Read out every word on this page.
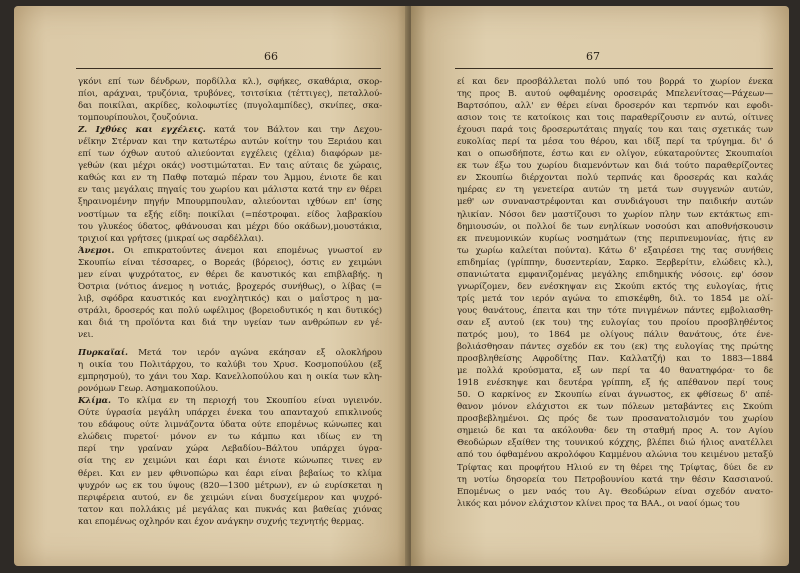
66
γκόνι επί των δένδρων, πορδίλλα κλ.), σφήκες, σκαθάρια, σκορ-
πίοι, αράχναι, τρυζόνια, τρυβόνες, τσιτσίκια (τέττιγες), πεταλλού-
δαι ποικίλαι, ακρίδες, κολοφωτίες (πυγολαμπίδες), σκνίπες, σκα-
τομπουρίπουλοι, ζουζούνια.
Ζ. Ιχθύες και εγχέλεις. κατά τον Βάλτον και την Δεχου-
νέϊκην Στέρναν και την κατωτέρω αυτών κοίτην του Ξεριάου και
επί των όχθων αυτού αλιεύονται εγχέλεις (χέλια) διαφόρων με-
γεθών (και μέχρι οκάς) νοστιμώταται. Εν ταις αύταις δε χώραις,
καθώς και εν τη Παθφ ποταμώ πέραν του Άμμου, ένιοτε δε και
εν ταις μεγάλαις πηγαίς του χωρίου και μάλιστα κατά την εν θέρει
ξηραινομένην πηγήν Μπουρμπουλαν, αλιεύονται ιχθύων επ' ίσης
νοστίμων τα εξής είδη: ποικίλαι (=πέστροφαι. είδος λαβρακίου
του γλυκέος ύδατος, φθάνουσαι και μέχρι δύο οκάδων),μουστάκια,
τριχιοί και γρήτσες (μικραί ως σαρδέλλαι).
Άνεμοι. Οι επικρατούντες άνεμοι και επομένως γνωστοί εν
Σκουπίω είναι τέσσαρες, ο Βορεάς (βόρειος), όστις εν χειμώνι
μεν είναι ψυχρότατος, εν θέρει δε καυστικός και επιβλαβής. η
Όστρια (νότιος άνεμος η νοτιάς, βροχερός συνήθως), ο λίβας (=
λιβ, σφόδρα καυστικός και ενοχλητικός) και ο μαΐστρος η μα-
στράλι, δροσερός και πολύ ωφέλιμος (βορειοδυτικός η και δυτικός)
και διά τη προϊόντα και διά την υγείαν των ανθρώπων εν γέ-
νει.
Πυρκαϊαί. Μετά τον ιερόν αγώνα εκάησαν εξ ολοκλήρου
η οικία του Πολιτάρχου, το καλύβι του Χρυσ. Κοσμοπούλου (εξ
εμπρησμού), το χάνι του Χαρ. Κανελλοπούλου και η οικία των κλη-
ρονόμων Γεωρ. Ασημακοπούλου.
Κλίμα. Το κλίμα εν τη περιοχή του Σκουπίου είναι υγιεινόν.
Ούτε ύγρασία μεγάλη υπάρχει ένεκα του απανταχού επικλινούς
του εδάφους ούτε λιμνάζοντα ύδατα ούτε επομένως κώνωπες και
ελώδεις πυρετοί· μόνον εν τω κάμπω και ιδίως εν τη
περί την γραίναν χώρα Λεβαδίου–Βάλτου υπάρχει ύγρα-
σία της εν χειμώνι και έαρι και ένιοτε κώνωπες τινες εν
θέρει. Και εν μεν φθινοπώρω και έαρι είναι βεβαίως το κλίμα
ψυχρόν ως εκ του ύψους (820—1300 μέτρων), εν ώ ευρίσκεται η
περιφέρεια αυτού, εν δε χειμώνι είναι δυσχείμερον και ψυχρό-
τατον και πολλάκις μέ μεγάλας και πυκνάς και βαθείας χιόνας
και επομένως οχληρόν και έχον ανάγκην συχνής τεχνητής θερμας.
67
εί και δεν προσβάλλεται πολύ υπό του βορρά το χωρίον ένεκα
της προς Β. αυτού οφθαμένης οροσειράς Μπελενίτσας—Ράχεων—
Βαρτσόπου, αλλ' εν θέρει είναι δροσερόν και τερπνόν και εφοδι-
ασιον τοις τε κατοίκοις και τοις παραθερίζουσιν εν αυτώ, οίτινες
έχουσι παρά τοις δροσερωτάταις πηγαίς του και ταις σχετικάς των
ευκολίας περί τα μέσα του θέρου, και ιδίξ περί τα τρύγημα. δι' ό
και ο οπωσδήποτε, έστω και εν ολίγον, εύκαταρούντες Σκουπιαίοι
εκ των έξω του χωρίου διαμενόντων και διά τούτο παραθερίζοντες
εν Σκουπίω διέρχονται πολύ τερπνάς και δροσεράς και καλάς
ημέρας εν τη γενετείρα αυτών τη μετά των συγγενών αυτών,
μεθ' ων συναναστρέφονται και συνδιάγουσι την παιδικήν αυτών
ηλικίαν. Νόσοι δεν μαστίζουσι το χωρίον πλην των εκτάκτως επι-
δημιουσών, οι πολλοί δε των ενηλίκων νοσούσι και αποθνήσκουσιν
εκ πνευμονικών κυρίως νοσημάτων (της περιπνευμονίας, ήτις εν
τω χωρίω καλείται πούντα). Κάτω δ' εξαιρέσει της τας συνήθεις
επιδημίας (γρίππην, δυσεντερίαν, Σαρκο. Ξερβερίτιν, ελώδεις κλ.),
σπανιώτατα εμφανιζομένας μεγάλης επιδημικής νόσοις. εφ' όσον
γνωρίζομεν, δεν ενέσκηψαν εις Σκούπι εκτός της ευλογίας, ήτις
τρίς μετά τον ιερόν αγώνα το επισκέφθη, διλ. το 1854 με ολί-
γους θανάτους, έπειτα και την τότε πνιγμένων πάντες εμβολιασθη-
σαν εξ αυτού (εκ του) της ευλογίας του προίου προσβληθέντος
πατρός μου), το 1864 με ολίγους πάλιν θανάτους, ότε ένε-
βολιάσθησαν πάντες σχεδόν εκ του (εκ) της ευλογίας της πρώτης
προσβληθείσης Αφροδίτης Παν. Καλλατζή) και το 1883—1884
με πολλά κρούσματα, εξ ων περί τα 40 θανατηφόρα· το δε
1918 ενέσκηψε και δευτέρα γρίππη, εξ ής απέθανον περί τους
50. Ο καρκίνος εν Σκουπίω είναι άγνωστος, εκ φθίσεως δ' απέ-
θανον μόνον ελάχιστοι εκ των πόλεων μεταβάντες εις Σκούπι
προσβεβλημένοι. Ως πρός δε των προσανατολισμόν του χωρίου
σημειώ δε και τα ακόλουθα· δεν τη σταθμή προς Α. τον Αγίου
Θεοδώρων εξαίθεν της τουνικού κόχχης, βλέπει διώ ήλιος ανατέλλει
από του όφθαμένου ακρολόφου Καμμένου αλώνια του κειμένου μεταξύ
Τρίφτας και προφήτου Ηλιού εν τη θέρει της Τρίφτας, δύει δε εν
τη νοτίω δησορεία του Πετροβουνίου κατά την θέσιν Κασσιανού.
Επομένως ο μεν ναός του Αγ. Θεοδώρων είναι σχεδόν ανατο-
λικός και μόνον ελάχιστον κλίνει προς τα ΒΑΑ., οι ναοί όμως του
